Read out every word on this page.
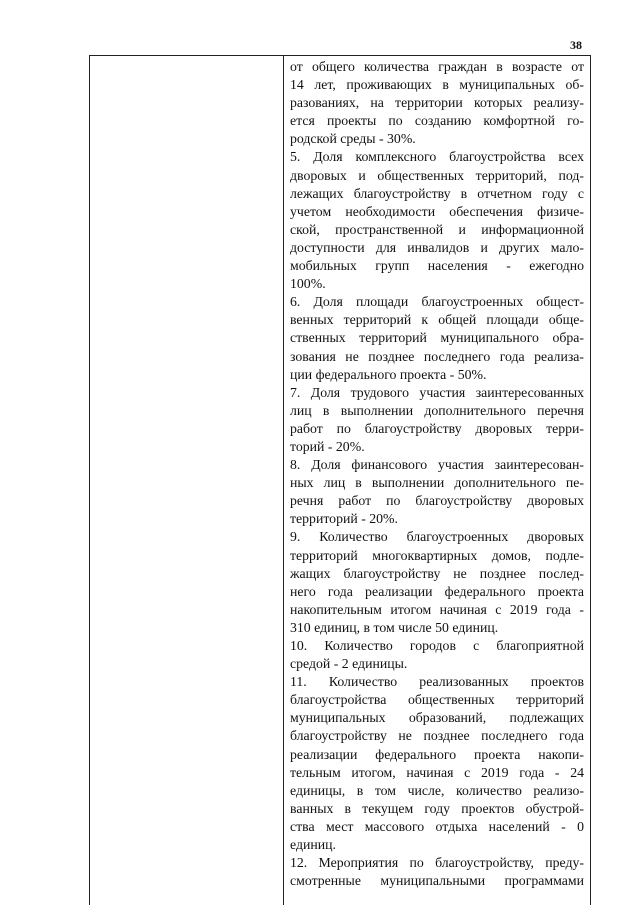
38
от общего количества граждан в возрасте от
14 лет, проживающих в муниципальных об-
разованиях, на территории которых реализу-
ется проекты по созданию комфортной го-
родской среды - 30%.
5. Доля комплексного благоустройства всех
дворовых и общественных территорий, под-
лежащих благоустройству в отчетном году с
учетом необходимости обеспечения физиче-
ской, пространственной и информационной
доступности для инвалидов и других мало-
мобильных групп населения - ежегодно
100%.
6. Доля площади благоустроенных общест-
венных территорий к общей площади обще-
ственных территорий муниципального обра-
зования не позднее последнего года реализа-
ции федерального проекта - 50%.
7. Доля трудового участия заинтересованных
лиц в выполнении дополнительного перечня
работ по благоустройству дворовых терри-
торий - 20%.
8. Доля финансового участия заинтересован-
ных лиц в выполнении дополнительного пе-
речня работ по благоустройству дворовых
территорий - 20%.
9. Количество благоустроенных дворовых
территорий многоквартирных домов, подле-
жащих благоустройству не позднее послед-
него года реализации федерального проекта
накопительным итогом начиная с 2019 года -
310 единиц, в том числе 50 единиц.
10. Количество городов с благоприятной
средой - 2 единицы.
11. Количество реализованных проектов
благоустройства общественных территорий
муниципальных образований, подлежащих
благоустройству не позднее последнего года
реализации федерального проекта накопи-
тельным итогом, начиная с 2019 года - 24
единицы, в том числе, количество реализо-
ванных в текущем году проектов обустрой-
ства мест массового отдыха населений - 0
единиц.
12. Мероприятия по благоустройству, преду-
смотренные муниципальными программами
